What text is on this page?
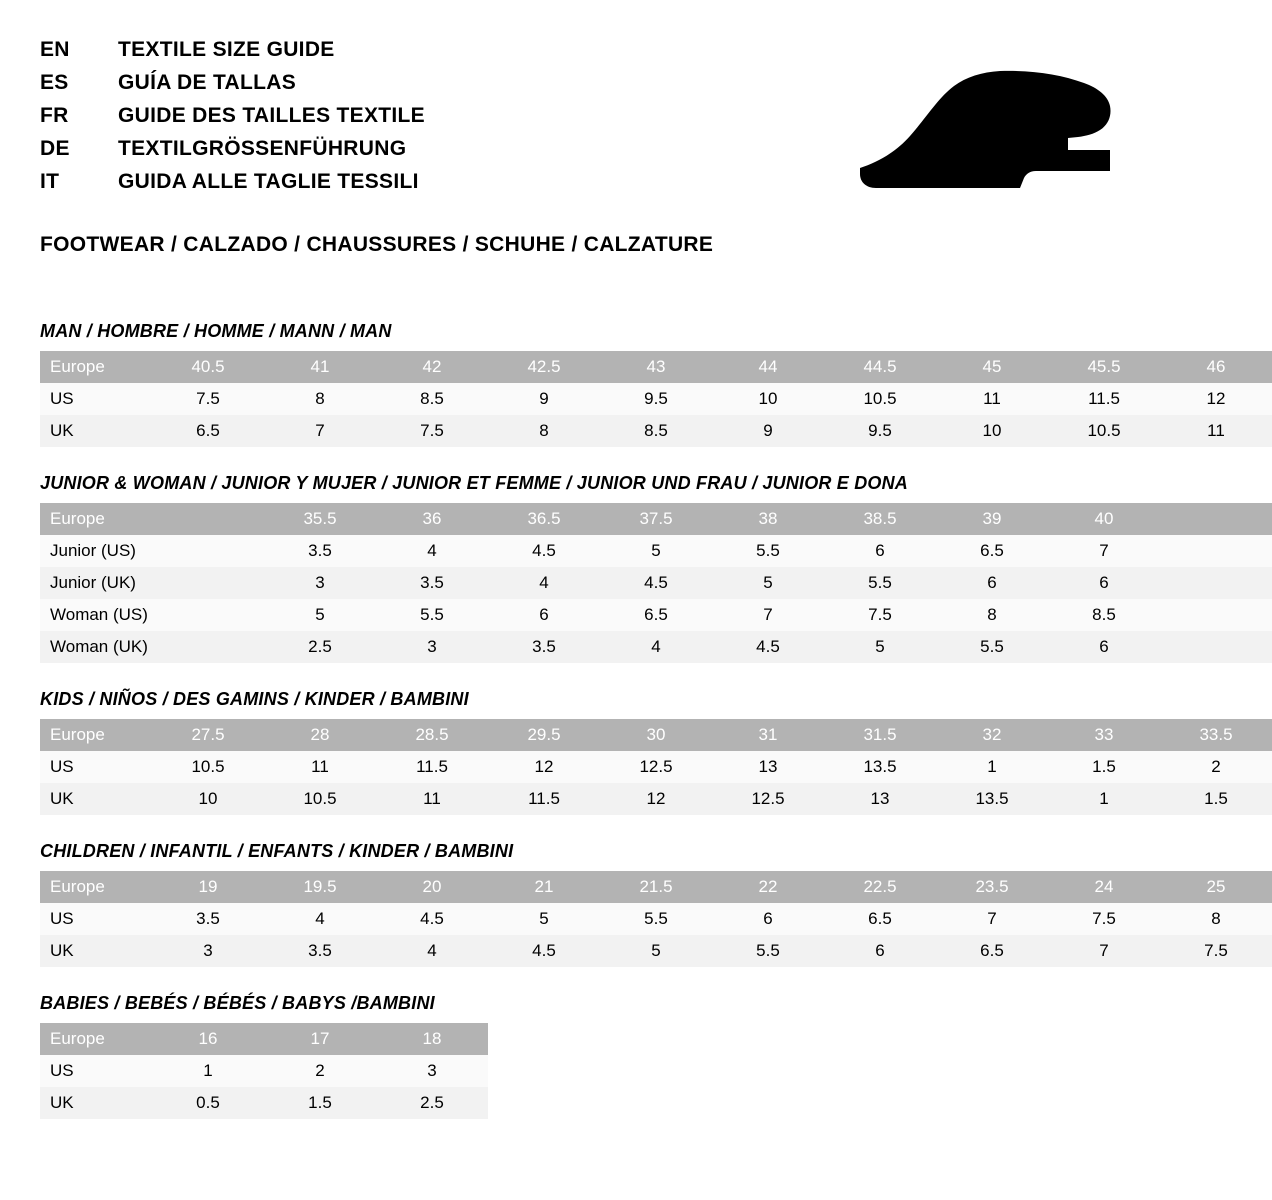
EN	TEXTILE SIZE GUIDE
ES	GUÍA DE TALLAS
FR	GUIDE DES TAILLES TEXTILE
DE	TEXTILGRÖSSENFÜHRUNG
IT	GUIDA ALLE TAGLIE TESSILI
FOOTWEAR / CALZADO / CHAUSSURES / SCHUHE / CALZATURE
MAN / HOMBRE / HOMME / MANN / MAN
Europe	40.5	41	42	42.5	43	44	44.5	45	45.5	46
US	7.5	8	8.5	9	9.5	10	10.5	11	11.5	12
UK	6.5	7	7.5	8	8.5	9	9.5	10	10.5	11
JUNIOR & WOMAN / JUNIOR Y MUJER / JUNIOR ET FEMME / JUNIOR UND FRAU / JUNIOR E DONA
Europe		35.5	36	36.5	37.5	38	38.5	39	40	
Junior (US)		3.5	4	4.5	5	5.5	6	6.5	7	
Junior (UK)		3	3.5	4	4.5	5	5.5	6	6	
Woman (US)		5	5.5	6	6.5	7	7.5	8	8.5	
Woman (UK)		2.5	3	3.5	4	4.5	5	5.5	6	
KIDS / NIÑOS / DES GAMINS / KINDER / BAMBINI
Europe	27.5	28	28.5	29.5	30	31	31.5	32	33	33.5
US	10.5	11	11.5	12	12.5	13	13.5	1	1.5	2
UK	10	10.5	11	11.5	12	12.5	13	13.5	1	1.5
CHILDREN / INFANTIL / ENFANTS / KINDER / BAMBINI
Europe	19	19.5	20	21	21.5	22	22.5	23.5	24	25
US	3.5	4	4.5	5	5.5	6	6.5	7	7.5	8
UK	3	3.5	4	4.5	5	5.5	6	6.5	7	7.5
BABIES / BEBÉS / BÉBÉS / BABYS /BAMBINI
Europe	16	17	18
US	1	2	3
UK	0.5	1.5	2.5
